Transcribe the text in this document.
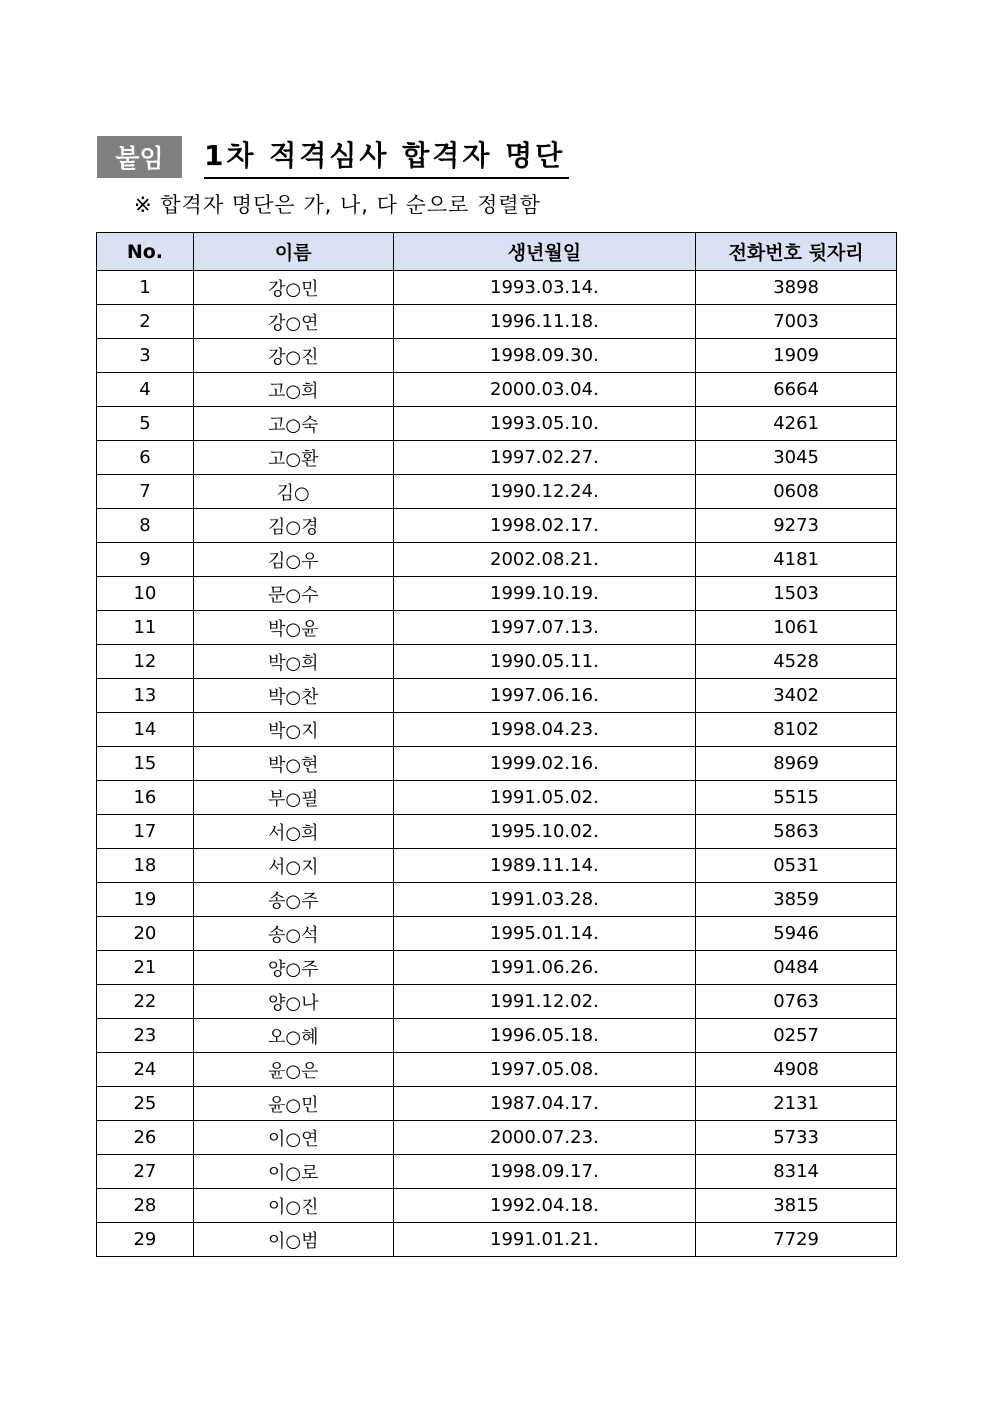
붙임	1차 적격심사 합격자 명단
※ 합격자 명단은 가, 나, 다 순으로 정렬함
No.	이름	생년월일	전화번호 뒷자리
1	강○민	1993.03.14.	3898
2	강○연	1996.11.18.	7003
3	강○진	1998.09.30.	1909
4	고○희	2000.03.04.	6664
5	고○숙	1993.05.10.	4261
6	고○환	1997.02.27.	3045
7	김○	1990.12.24.	0608
8	김○경	1998.02.17.	9273
9	김○우	2002.08.21.	4181
10	문○수	1999.10.19.	1503
11	박○윤	1997.07.13.	1061
12	박○희	1990.05.11.	4528
13	박○찬	1997.06.16.	3402
14	박○지	1998.04.23.	8102
15	박○현	1999.02.16.	8969
16	부○필	1991.05.02.	5515
17	서○희	1995.10.02.	5863
18	서○지	1989.11.14.	0531
19	송○주	1991.03.28.	3859
20	송○석	1995.01.14.	5946
21	양○주	1991.06.26.	0484
22	양○나	1991.12.02.	0763
23	오○혜	1996.05.18.	0257
24	윤○은	1997.05.08.	4908
25	윤○민	1987.04.17.	2131
26	이○연	2000.07.23.	5733
27	이○로	1998.09.17.	8314
28	이○진	1992.04.18.	3815
29	이○범	1991.01.21.	7729
